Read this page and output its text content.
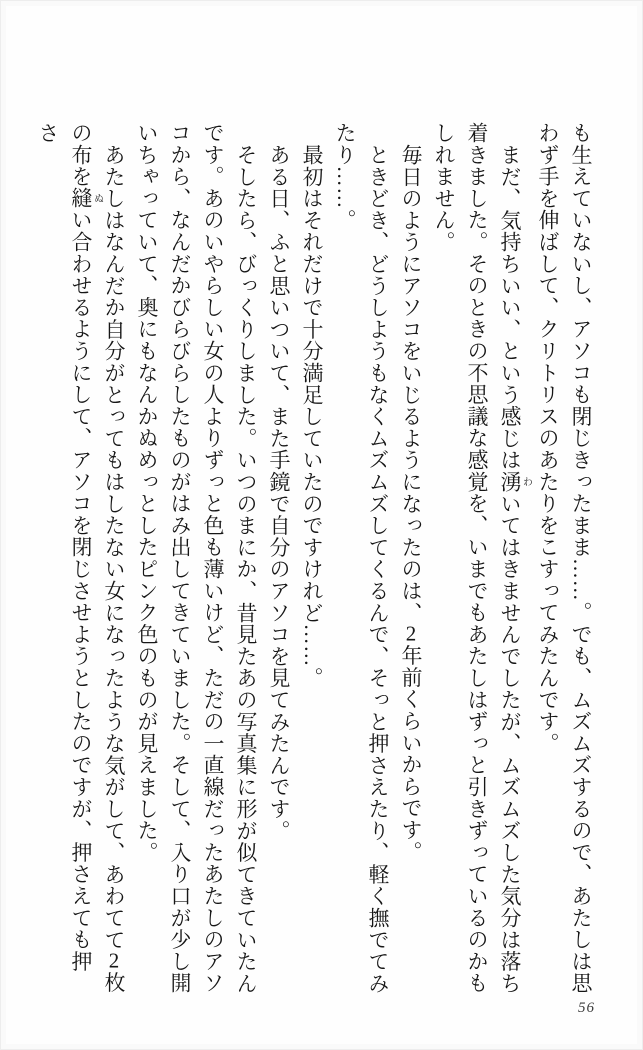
も生えていないし、アソコも閉じきったまま……。でも、ムズムズするので、あたしは思わず手を伸ばして、クリトリスのあたりをこすってみたんです。

まだ、気持ちいい、という感じは湧わいてはきませんでしたが、ムズムズした気分は落ち着きました。そのときの不思議な感覚を、いまでもあたしはずっと引きずっているのかもしれません。

毎日のようにアソコをいじるようになったのは、2年前くらいからです。

ときどき、どうしようもなくムズムズしてくるんで、そっと押さえたり、軽く撫でてみたり……。

最初はそれだけで十分満足していたのですけれど……。

ある日、ふと思いついて、また手鏡で自分のアソコを見てみたんです。

そしたら、びっくりしました。いつのまにか、昔見たあの写真集に形が似てきていたんです。あのいやらしい女の人よりずっと色も薄いけど、ただの一直線だったあたしのアソコから、なんだかびらびらしたものがはみ出してきていました。そして、入り口が少し開いちゃっていて、奥にもなんかぬめっとしたピンク色のものが見えました。

あたしはなんだか自分がとってもはしたない女になったような気がして、あわてて2枚の布を縫ぬい合わせるようにして、アソコを閉じさせようとしたのですが、押さえても押さ

56
